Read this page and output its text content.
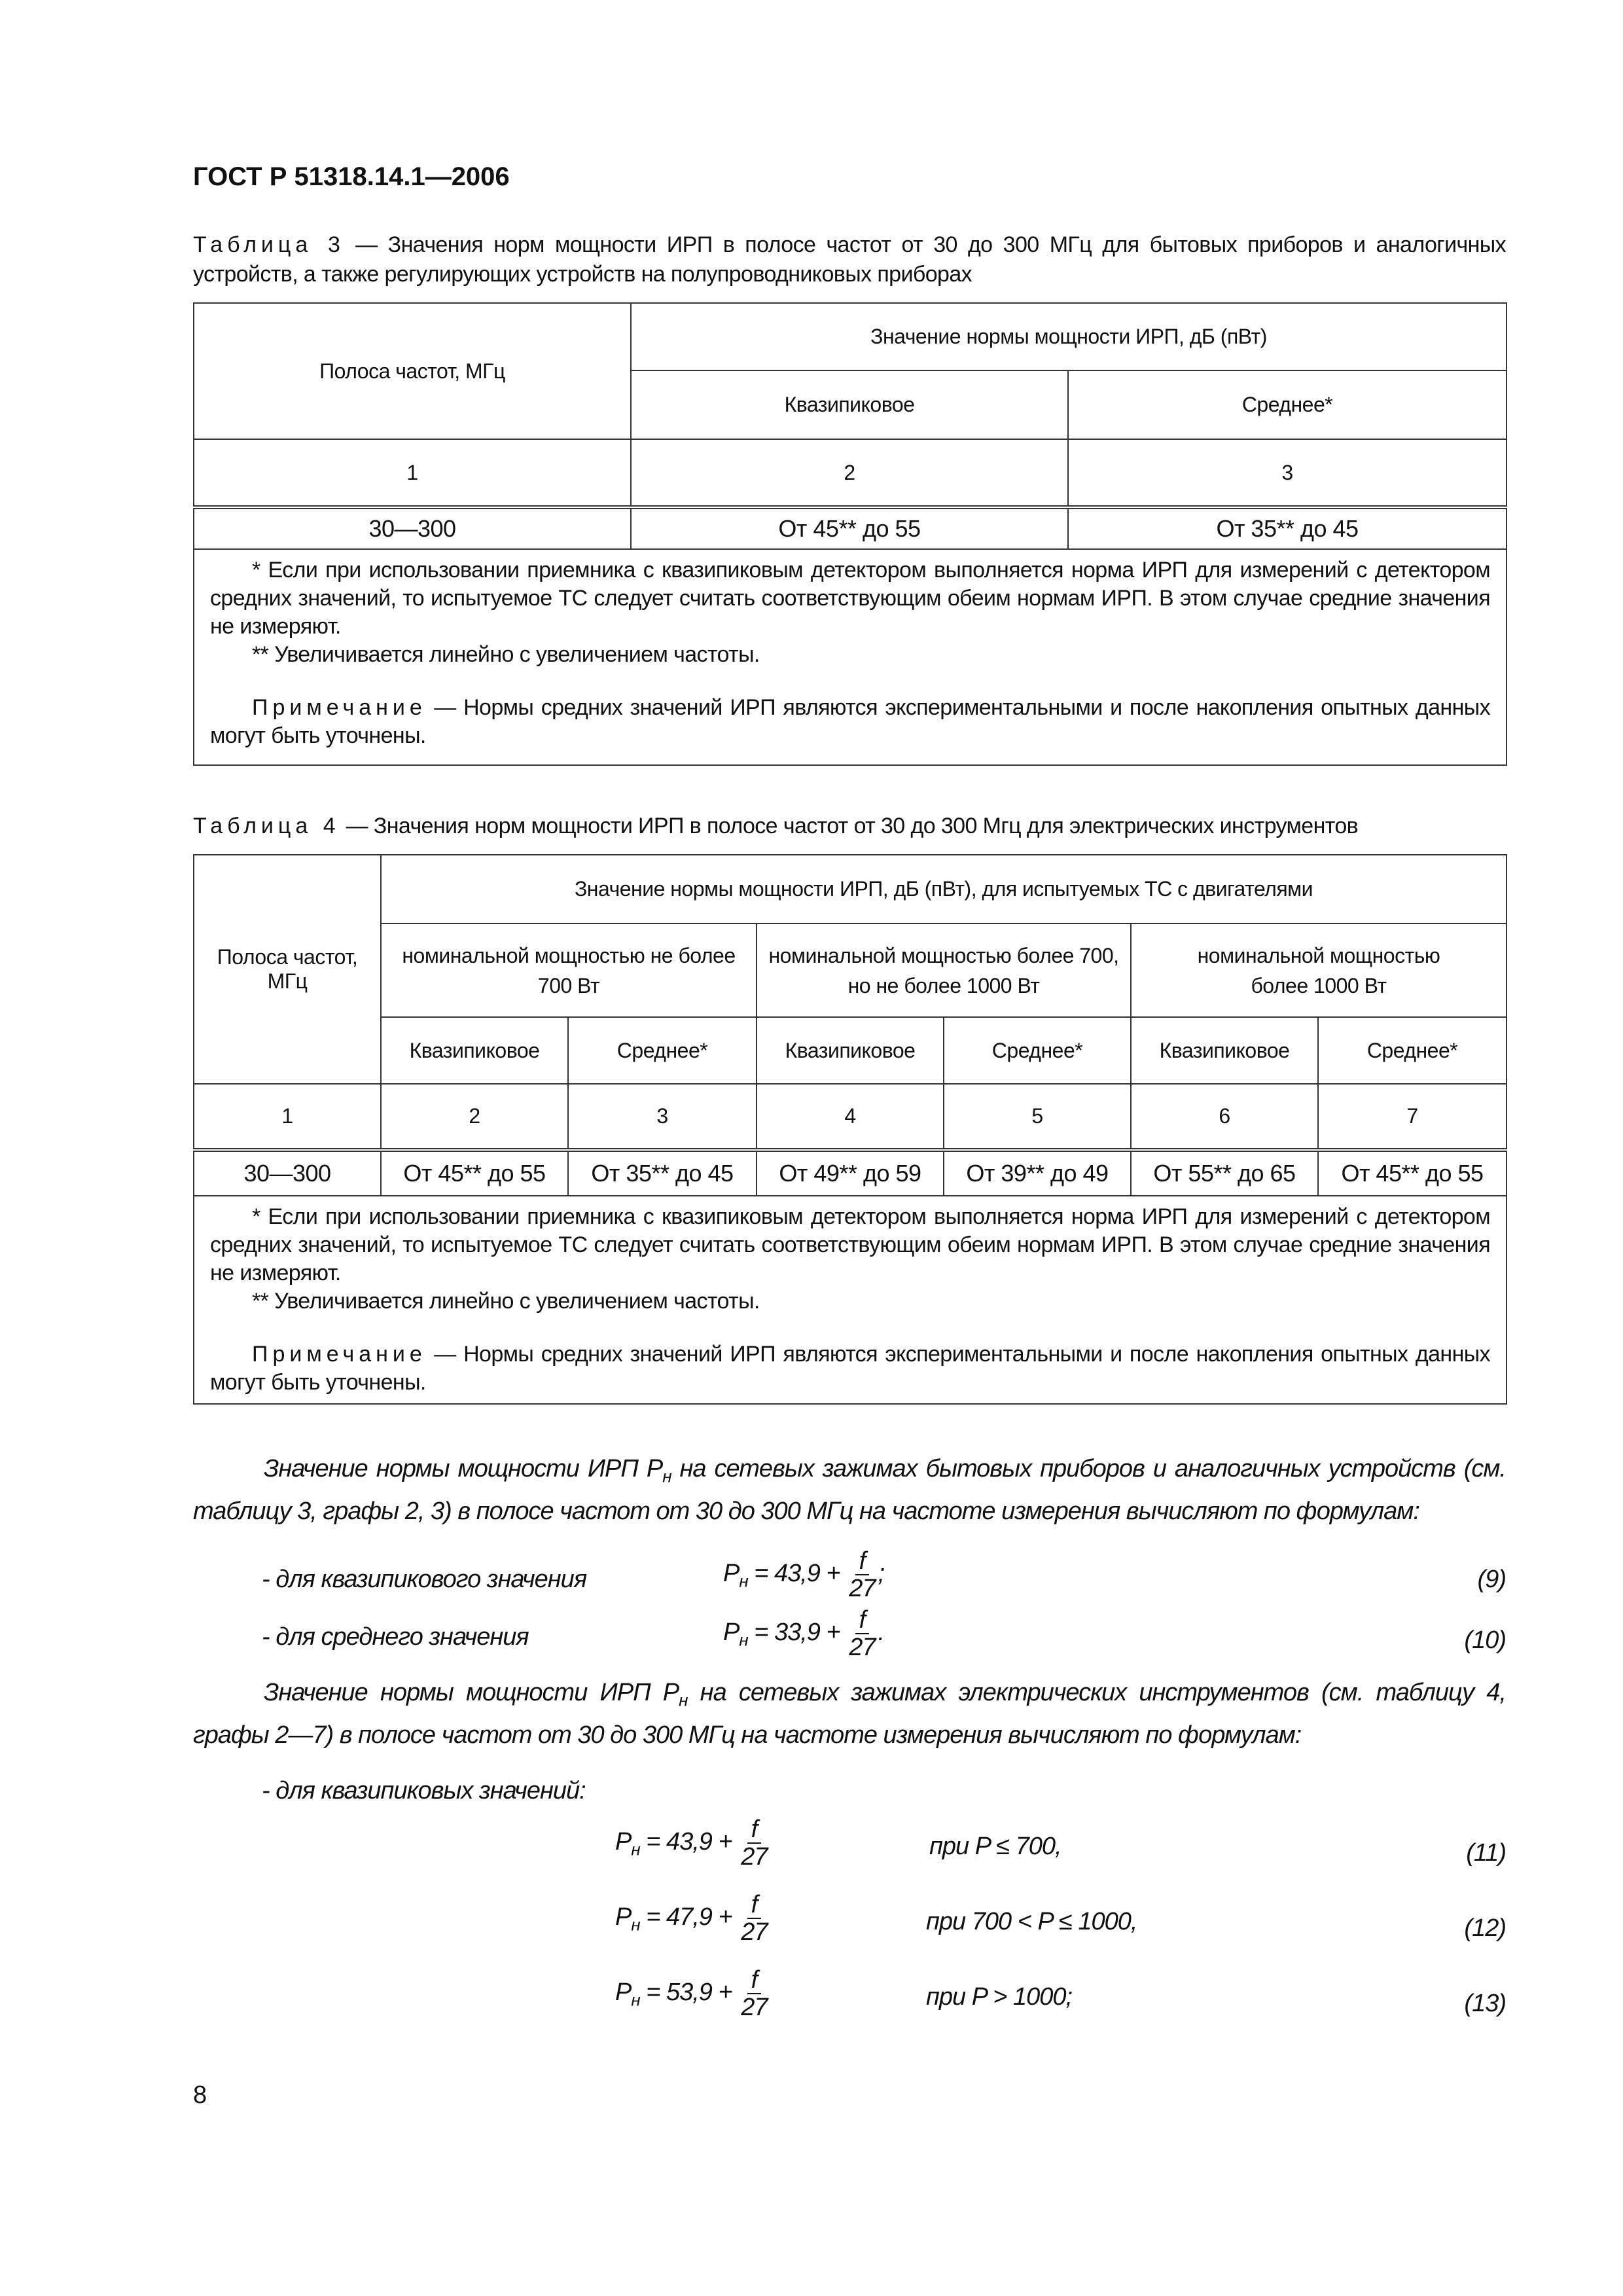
ГОСТ Р 51318.14.1—2006
Таблица 3 — Значения норм мощности ИРП в полосе частот от 30 до 300 МГц для бытовых приборов и аналогичных устройств, а также регулирующих устройств на полупроводниковых приборах
Полоса частот, МГц	Значение нормы мощности ИРП, дБ (пВт)	
	Квазипиковое	Среднее*
1	2	3
30—300	От 45** до 55	От 35** до 45

* Если при использовании приемника с квазипиковым детектором выполняется норма ИРП для измерений с детектором средних значений, то испытуемое ТС следует считать соответствующим обеим нормам ИРП. В этом случае средние значения не измеряют.
** Увеличивается линейно с увеличением частоты.
Примечание — Нормы средних значений ИРП являются экспериментальными и после накопления опытных данных могут быть уточнены.		
Таблица 4 — Значения норм мощности ИРП в полосе частот от 30 до 300 Мгц для электрических инструментов
Полоса частот, МГц	Значение нормы мощности ИРП, дБ (пВт), для испытуемых ТС с двигателями					
	номинальной мощностью не более 700 Вт		номинальной мощностью более 700, но не более 1000 Вт		номинальной мощностью более 1000 Вт	
	Квазипиковое	Среднее*	Квазипиковое	Среднее*	Квазипиковое	Среднее*
1	2	3	4	5	6	7
30—300	От 45** до 55	От 35** до 45	От 49** до 59	От 39** до 49	От 55** до 65	От 45** до 55

* Если при использовании приемника с квазипиковым детектором выполняется норма ИРП для измерений с детектором средних значений, то испытуемое ТС следует считать соответствующим обеим нормам ИРП. В этом случае средние значения не измеряют.
** Увеличивается линейно с увеличением частоты.
Примечание — Нормы средних значений ИРП являются экспериментальными и после накопления опытных данных могут быть уточнены.						
Значение нормы мощности ИРП $P_н$ на сетевых зажимах бытовых приборов и аналогичных устройств (см. таблицу 3, графы 2, 3) в полосе частот от 30 до 300 МГц на частоте измерения вычисляют по формулам:
- для квазипикового значения	$P_н = 43,9 + \frac{f}{27}$ ;	(9)
- для среднего значения	$P_н = 33,9 + \frac{f}{27}$ .	(10)
Значение нормы мощности ИРП $P_н$ на сетевых зажимах электрических инструментов (см. таблицу 4, графы 2—7) в полосе частот от 30 до 300 МГц на частоте измерения вычисляют по формулам:
- для квазипиковых значений:
$P_н = 43,9 + \frac{f}{27}$	при P ≤ 700,	(11)
$P_н = 47,9 + \frac{f}{27}$	при 700 < P ≤ 1000,	(12)
$P_н = 53,9 + \frac{f}{27}$	при P > 1000;	(13)
8
